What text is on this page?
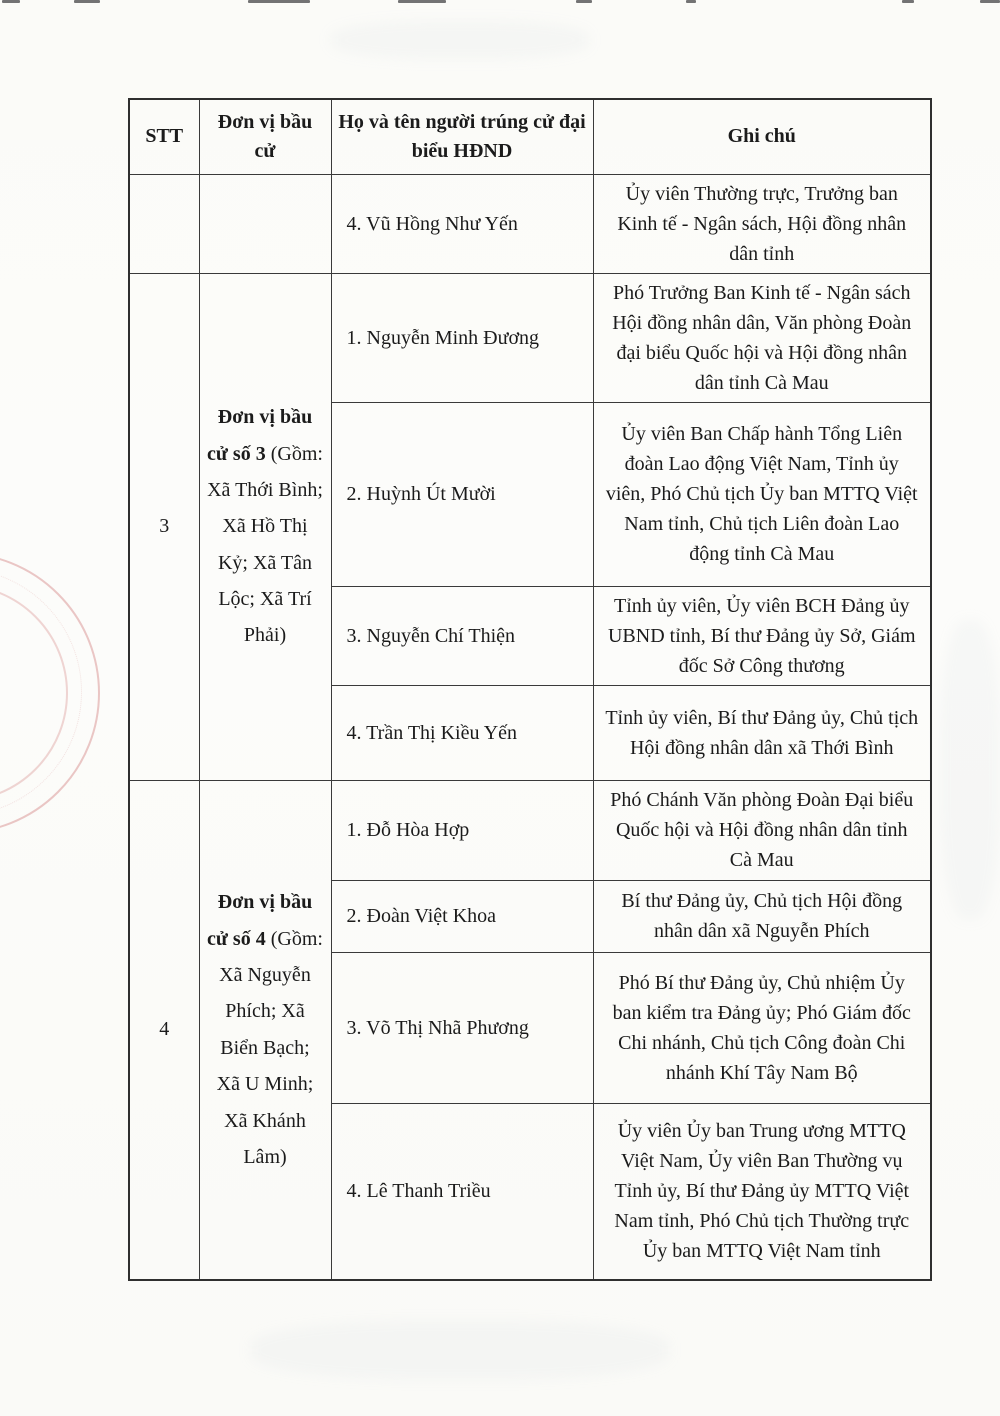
STT	Đơn vị bầu cử	Họ và tên người trúng cử đại biểu HĐND	Ghi chú
		4. Vũ Hồng Như Yến	Ủy viên Thường trực, Trưởng ban Kinh tế - Ngân sách, Hội đồng nhân dân tỉnh
3	Đơn vị bầu cử số 3 (Gồm: Xã Thới Bình; Xã Hồ Thị Kỷ; Xã Tân Lộc; Xã Trí Phải)	1. Nguyễn Minh Đương	Phó Trưởng Ban Kinh tế - Ngân sách Hội đồng nhân dân, Văn phòng Đoàn đại biểu Quốc hội và Hội đồng nhân dân tỉnh Cà Mau
		2. Huỳnh Út Mười	Ủy viên Ban Chấp hành Tổng Liên đoàn Lao động Việt Nam, Tỉnh ủy viên, Phó Chủ tịch Ủy ban MTTQ Việt Nam tỉnh, Chủ tịch Liên đoàn Lao động tỉnh Cà Mau
		3. Nguyễn Chí Thiện	Tỉnh ủy viên, Ủy viên BCH Đảng ủy UBND tỉnh, Bí thư Đảng ủy Sở, Giám đốc Sở Công thương
		4. Trần Thị Kiều Yến	Tỉnh ủy viên, Bí thư Đảng ủy, Chủ tịch Hội đồng nhân dân xã Thới Bình
4	Đơn vị bầu cử số 4 (Gồm: Xã Nguyễn Phích; Xã Biển Bạch; Xã U Minh; Xã Khánh Lâm)	1. Đỗ Hòa Hợp	Phó Chánh Văn phòng Đoàn Đại biểu Quốc hội và Hội đồng nhân dân tỉnh Cà Mau
		2. Đoàn Việt Khoa	Bí thư Đảng ủy, Chủ tịch Hội đồng nhân dân xã Nguyễn Phích
		3. Võ Thị Nhã Phương	Phó Bí thư Đảng ủy, Chủ nhiệm Ủy ban kiểm tra Đảng ủy; Phó Giám đốc Chi nhánh, Chủ tịch Công đoàn Chi nhánh Khí Tây Nam Bộ
		4. Lê Thanh Triều	Ủy viên Ủy ban Trung ương MTTQ Việt Nam, Ủy viên Ban Thường vụ Tỉnh ủy, Bí thư Đảng ủy MTTQ Việt Nam tỉnh, Phó Chủ tịch Thường trực Ủy ban MTTQ Việt Nam tỉnh
